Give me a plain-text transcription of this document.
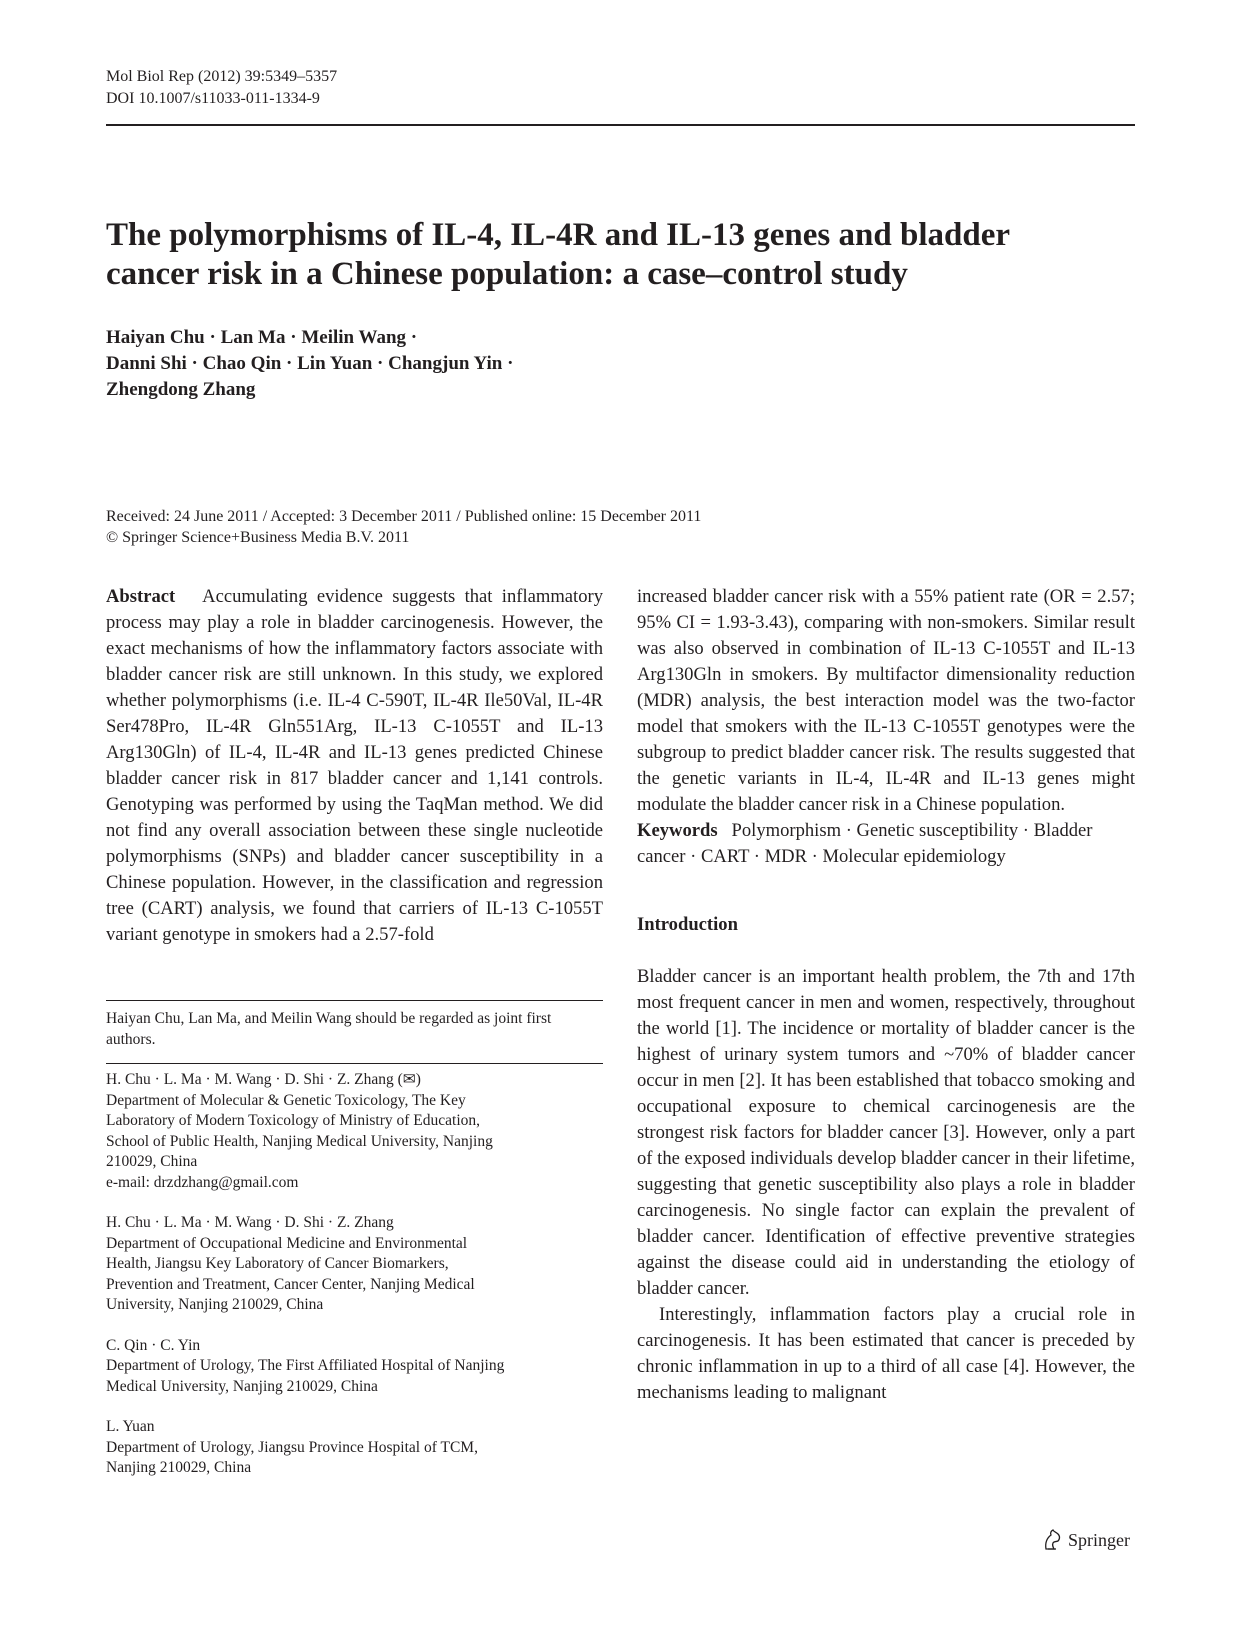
Mol Biol Rep (2012) 39:5349–5357
DOI 10.1007/s11033-011-1334-9
The polymorphisms of IL-4, IL-4R and IL-13 genes and bladder
cancer risk in a Chinese population: a case–control study
Haiyan Chu · Lan Ma · Meilin Wang ·
Danni Shi · Chao Qin · Lin Yuan · Changjun Yin ·
Zhengdong Zhang
Received: 24 June 2011 / Accepted: 3 December 2011 / Published online: 15 December 2011
© Springer Science+Business Media B.V. 2011

Abstract Accumulating evidence suggests that inflammatory process may play a role in bladder carcinogenesis. However, the exact mechanisms of how the inflammatory factors associate with bladder cancer risk are still unknown. In this study, we explored whether polymorphisms (i.e. IL-4 C-590T, IL-4R Ile50Val, IL-4R Ser478Pro, IL-4R Gln551Arg, IL-13 C-1055T and IL-13 Arg130Gln) of IL-4, IL-4R and IL-13 genes predicted Chinese bladder cancer risk in 817 bladder cancer and 1,141 controls. Genotyping was performed by using the TaqMan method. We did not find any overall association between these single nucleotide polymorphisms (SNPs) and bladder cancer susceptibility in a Chinese population. However, in the classification and regression tree (CART) analysis, we found that carriers of IL-13 C-1055T variant genotype in smokers had a 2.57-fold

Haiyan Chu, Lan Ma, and Meilin Wang should be regarded as joint first authors.
H. Chu · L. Ma · M. Wang · D. Shi · Z. Zhang (✉)
Department of Molecular & Genetic Toxicology, The Key
Laboratory of Modern Toxicology of Ministry of Education,
School of Public Health, Nanjing Medical University, Nanjing
210029, China
e-mail: drzdzhang@gmail.com
H. Chu · L. Ma · M. Wang · D. Shi · Z. Zhang
Department of Occupational Medicine and Environmental
Health, Jiangsu Key Laboratory of Cancer Biomarkers,
Prevention and Treatment, Cancer Center, Nanjing Medical
University, Nanjing 210029, China
C. Qin · C. Yin
Department of Urology, The First Affiliated Hospital of Nanjing
Medical University, Nanjing 210029, China
L. Yuan
Department of Urology, Jiangsu Province Hospital of TCM,
Nanjing 210029, China

increased bladder cancer risk with a 55% patient rate (OR = 2.57; 95% CI = 1.93-3.43), comparing with non-smokers. Similar result was also observed in combination of IL-13 C-1055T and IL-13 Arg130Gln in smokers. By multifactor dimensionality reduction (MDR) analysis, the best interaction model was the two-factor model that smokers with the IL-13 C-1055T genotypes were the subgroup to predict bladder cancer risk. The results suggested that the genetic variants in IL-4, IL-4R and IL-13 genes might modulate the bladder cancer risk in a Chinese population.

Keywords Polymorphism · Genetic susceptibility · Bladder cancer · CART · MDR · Molecular epidemiology

Introduction

Bladder cancer is an important health problem, the 7th and 17th most frequent cancer in men and women, respectively, throughout the world [1]. The incidence or mortality of bladder cancer is the highest of urinary system tumors and ~70% of bladder cancer occur in men [2]. It has been established that tobacco smoking and occupational exposure to chemical carcinogenesis are the strongest risk factors for bladder cancer [3]. However, only a part of the exposed individuals develop bladder cancer in their lifetime, suggesting that genetic susceptibility also plays a role in bladder carcinogenesis. No single factor can explain the prevalent of bladder cancer. Identification of effective preventive strategies against the disease could aid in understanding the etiology of bladder cancer.

Interestingly, inflammation factors play a crucial role in carcinogenesis. It has been estimated that cancer is preceded by chronic inflammation in up to a third of all case [4]. However, the mechanisms leading to malignant

Springer
